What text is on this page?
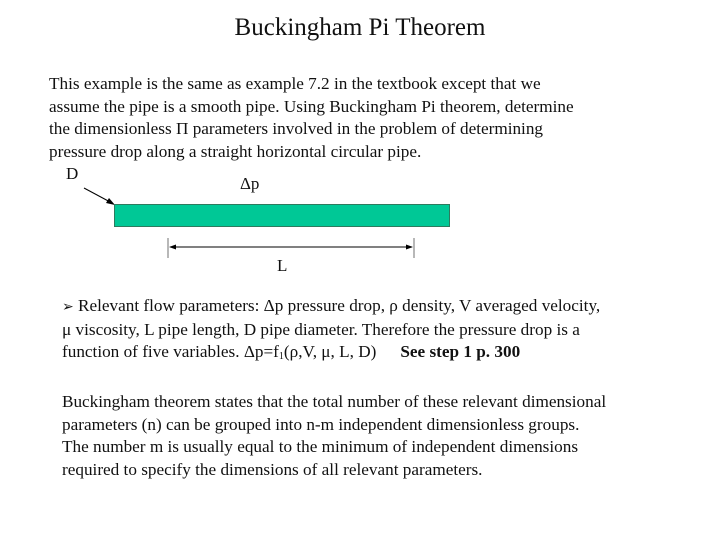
Buckingham Pi Theorem
This example is the same as example 7.2 in the textbook except that we
assume the pipe is a smooth pipe. Using Buckingham Pi theorem, determine
the dimensionless Π parameters involved in the problem of determining
pressure drop along a straight horizontal circular pipe.
D
Δp
L
➢ Relevant flow parameters: Δp pressure drop, ρ density, V averaged velocity,
μ viscosity, L pipe length, D pipe diameter. Therefore the pressure drop is a
function of five variables. $\Delta p=f_1(\rho,V$, μ, L, D) See step 1 p. 300
Buckingham theorem states that the total number of these relevant dimensional
parameters (n) can be grouped into n-m independent dimensionless groups.
The number m is usually equal to the minimum of independent dimensions
required to specify the dimensions of all relevant parameters.
